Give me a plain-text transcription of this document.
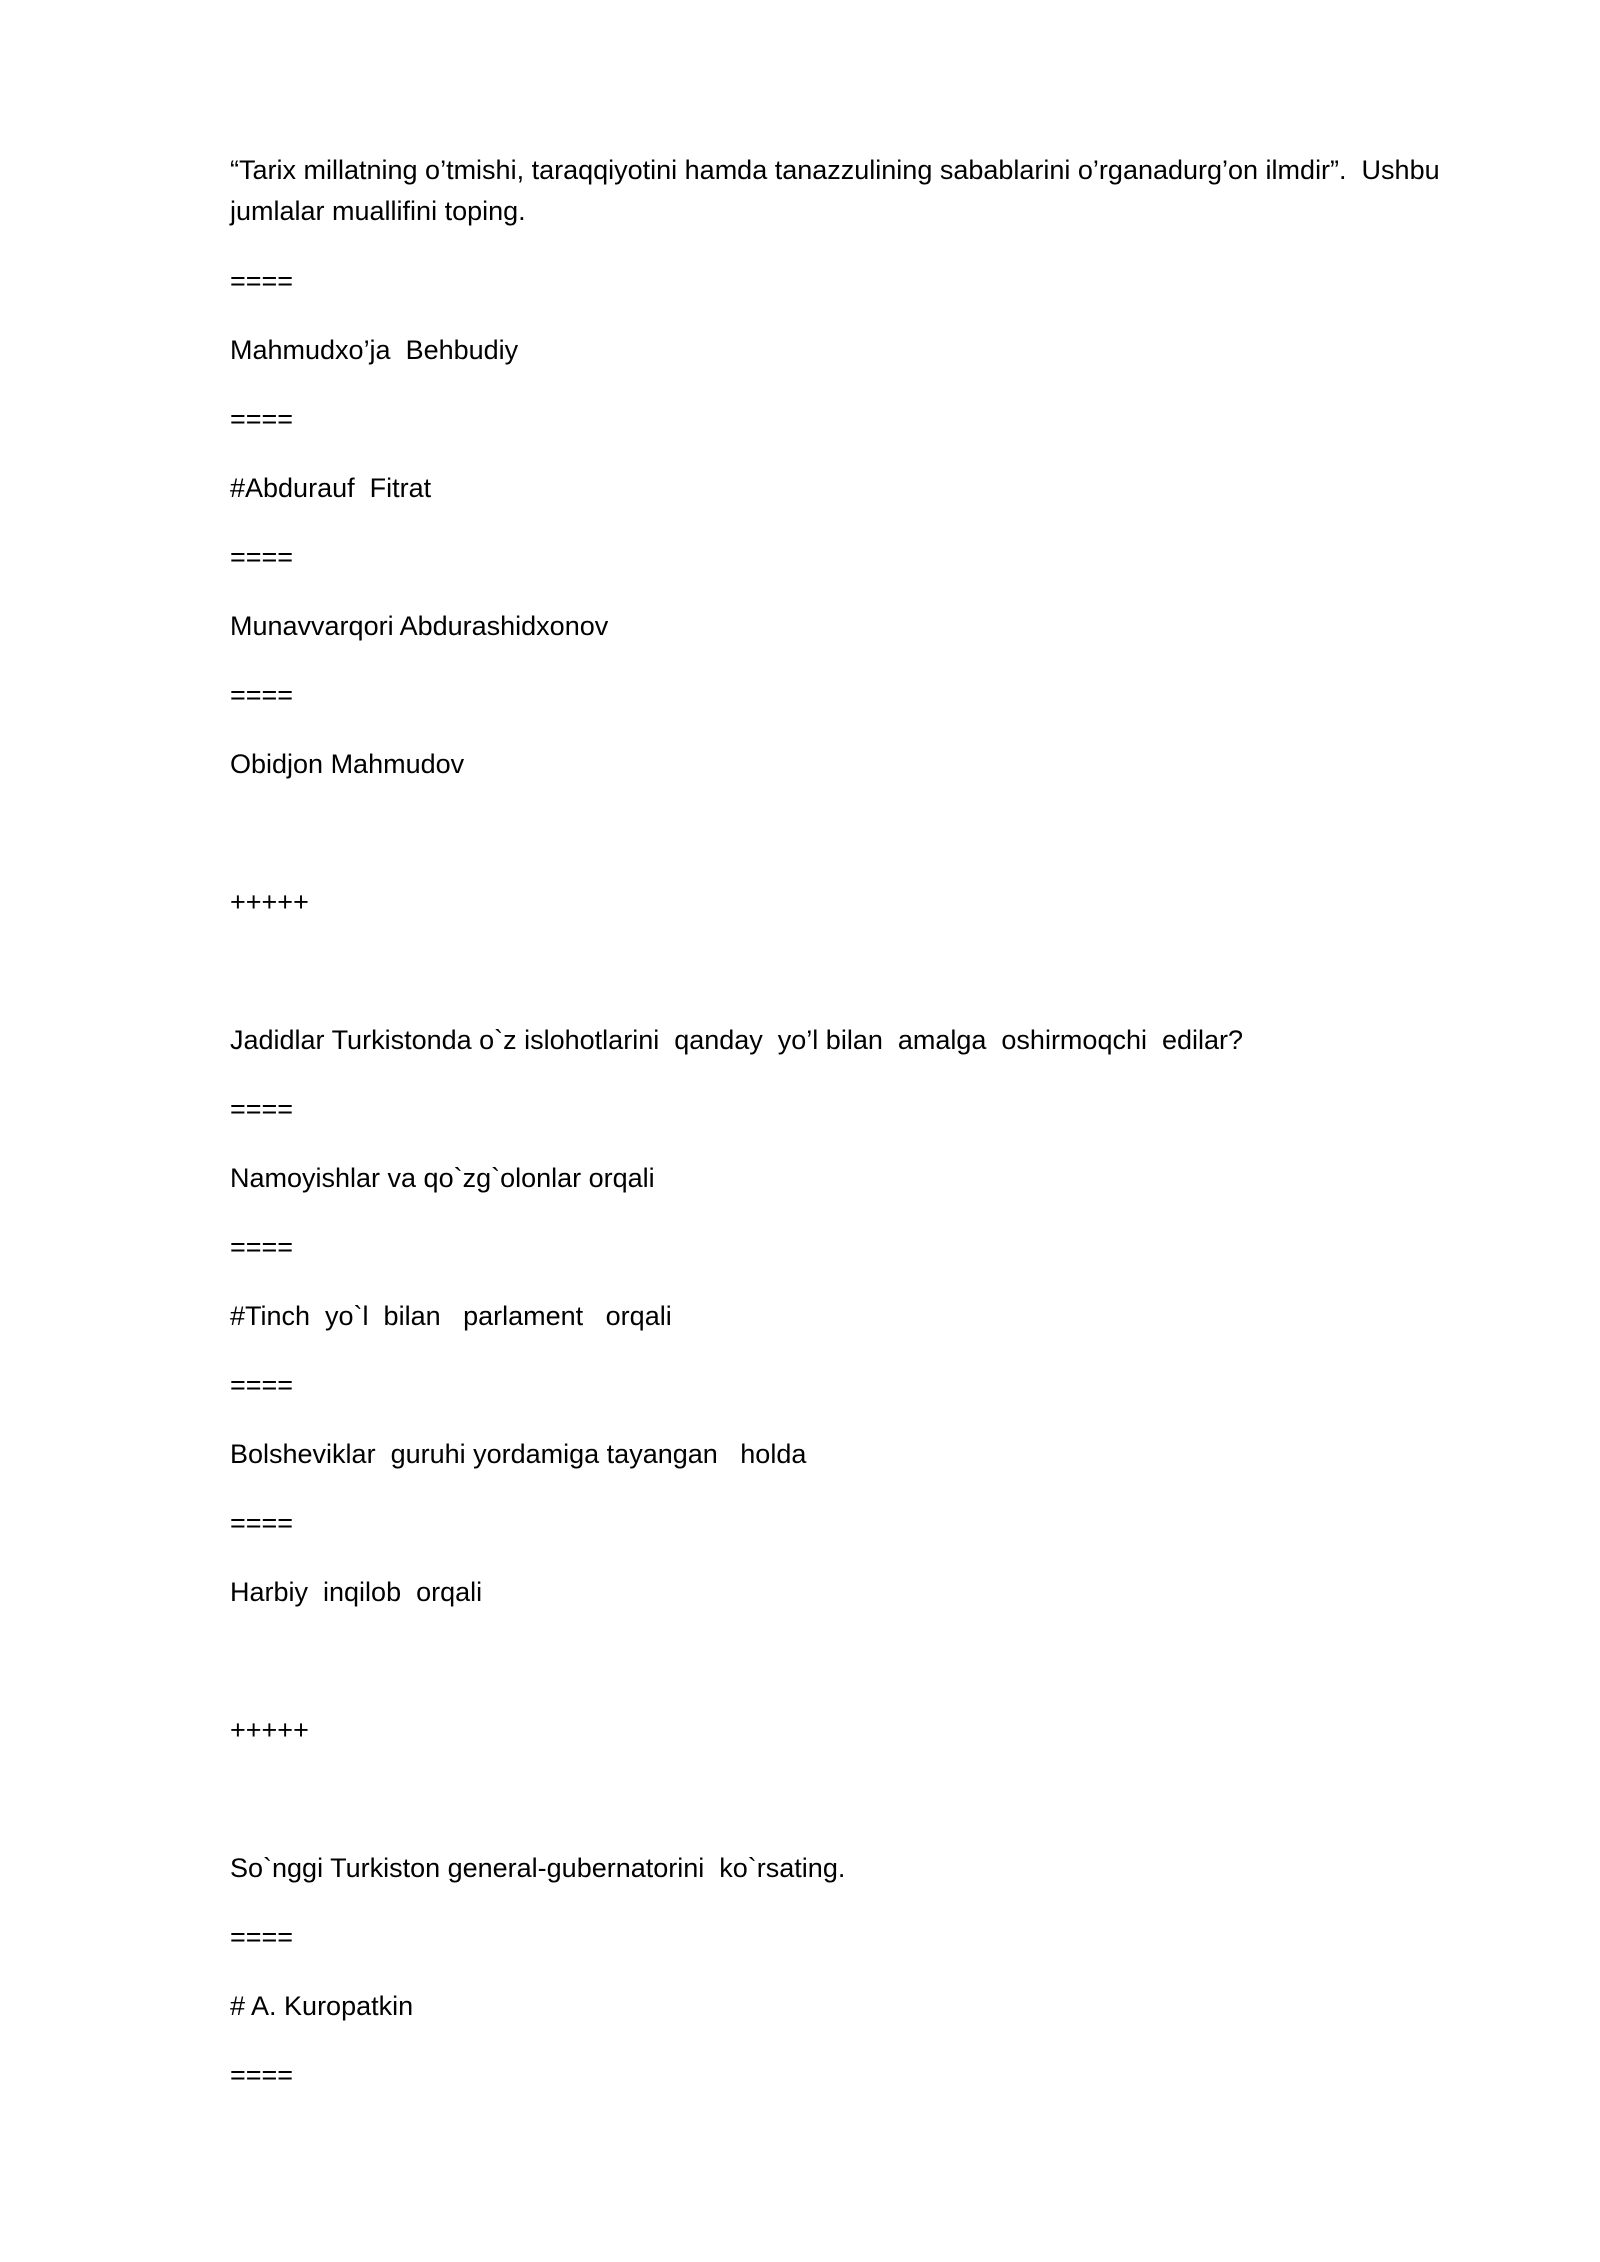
“Tarix millatning o’tmishi, taraqqiyotini hamda tanazzulining sabablarini o’rganadurg’on ilmdir”.  Ushbu jumlalar muallifini toping.

====

Mahmudxo’ja  Behbudiy

====

#Abdurauf  Fitrat

====

Munavvarqori Abdurashidxonov

====

Obidjon Mahmudov

+++++

Jadidlar Turkistonda o`z islohotlarini  qanday  yo’l bilan  amalga  oshirmoqchi  edilar?

====

Namoyishlar va qo`zg`olonlar orqali

====

#Tinch  yo`l  bilan   parlament   orqali

====

Bolsheviklar  guruhi yordamiga tayangan   holda

====

Harbiy  inqilob  orqali

+++++

So`nggi Turkiston general-gubernatorini  ko`rsating.

====

# A. Kuropatkin

====
